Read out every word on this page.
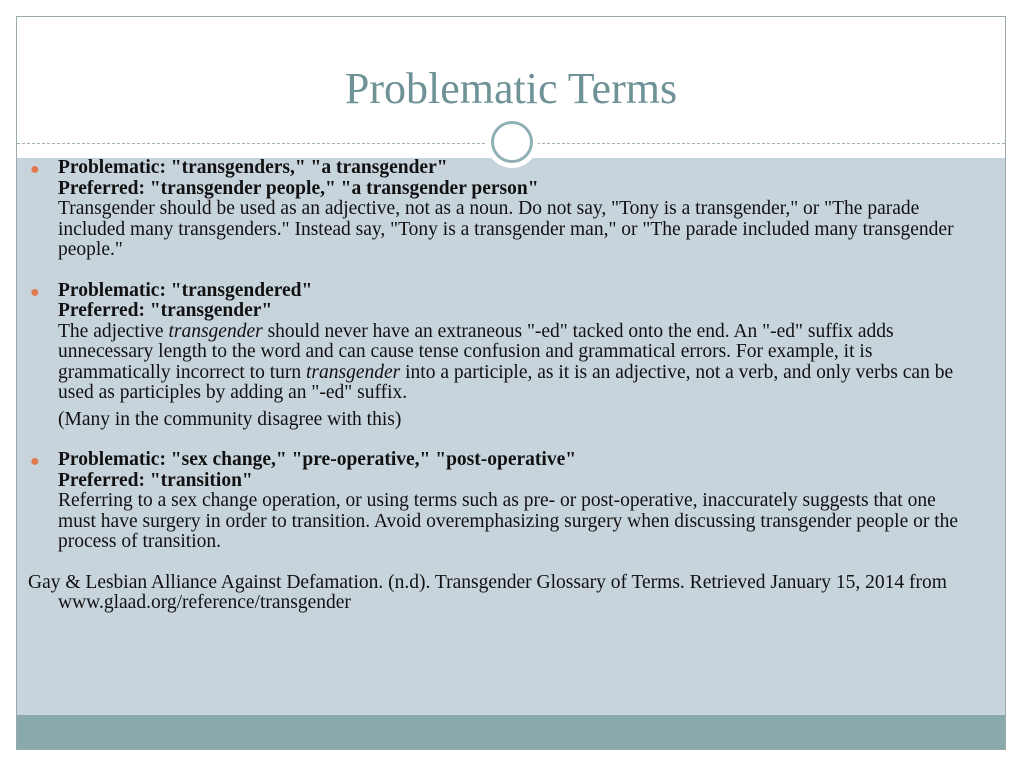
Problematic Terms
● Problematic: "transgenders," "a transgender"
Preferred: "transgender people," "a transgender person"
Transgender should be used as an adjective, not as a noun. Do not say, "Tony is a transgender," or "The parade included many transgenders." Instead say, "Tony is a transgender man," or "The parade included many transgender people."
● Problematic: "transgendered"
Preferred: "transgender"
The adjective transgender should never have an extraneous "-ed" tacked onto the end. An "-ed" suffix adds unnecessary length to the word and can cause tense confusion and grammatical errors. For example, it is grammatically incorrect to turn transgender into a participle, as it is an adjective, not a verb, and only verbs can be used as participles by adding an "-ed" suffix.
(Many in the community disagree with this)
● Problematic: "sex change," "pre-operative," "post-operative"
Preferred: "transition"
Referring to a sex change operation, or using terms such as pre- or post-operative, inaccurately suggests that one must have surgery in order to transition. Avoid overemphasizing surgery when discussing transgender people or the process of transition.
Gay & Lesbian Alliance Against Defamation. (n.d). Transgender Glossary of Terms. Retrieved January 15, 2014 from www.glaad.org/reference/transgender
